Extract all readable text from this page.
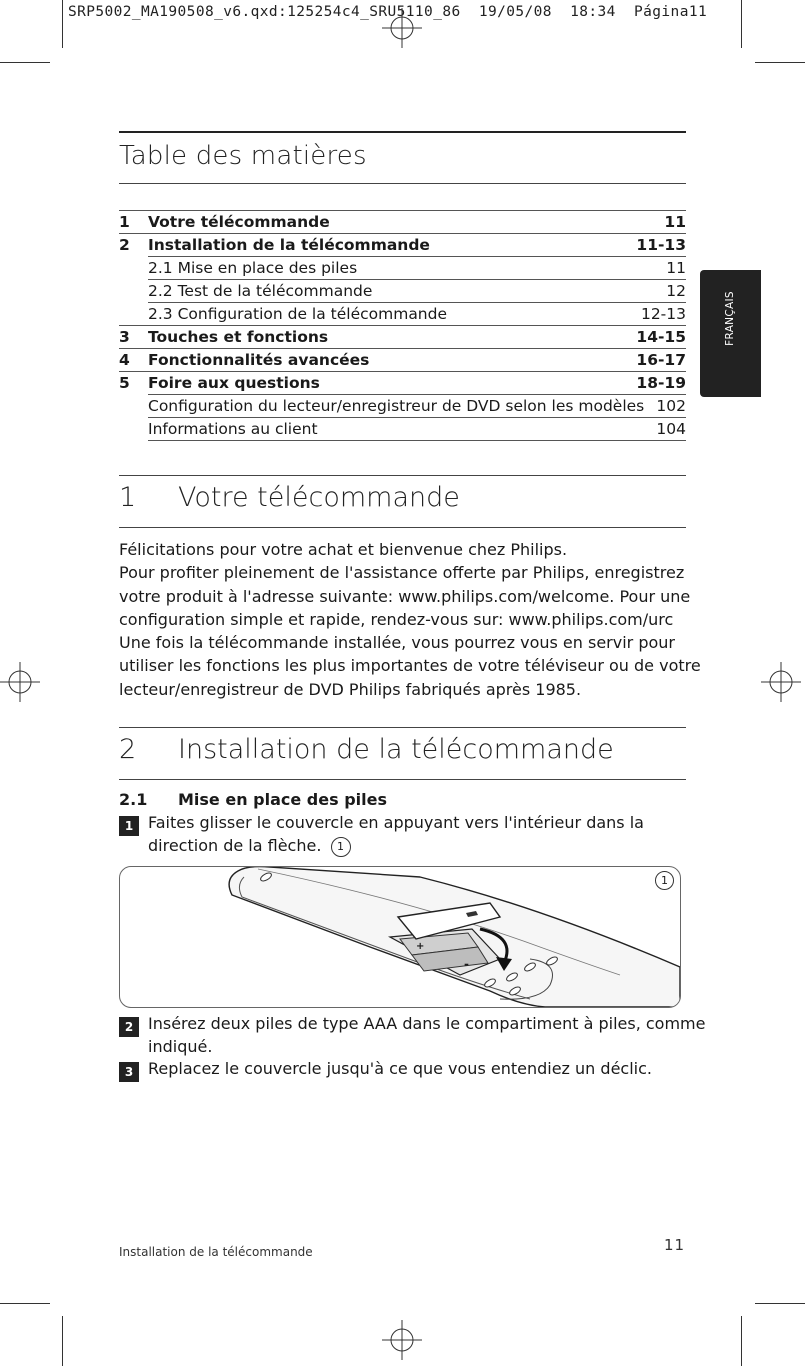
SRP5002_MA190508_v6.qxd:125254c4_SRU5110_86  19/05/08  18:34  Página11
Table des matières
1 Votre télécommande	11
2 Installation de la télécommande	11-13
2.1 Mise en place des piles	11
2.2 Test de la télécommande	12
2.3 Configuration de la télécommande	12-13
3 Touches et fonctions	14-15
4 Fonctionnalités avancées	16-17
5 Foire aux questions	18-19
Configuration du lecteur/enregistreur de DVD selon les modèles 102
Informations au client	104
FRANÇAIS
1 Votre télécommande
Félicitations pour votre achat et bienvenue chez Philips.
Pour profiter pleinement de l'assistance offerte par Philips, enregistrez
votre produit à l'adresse suivante: www.philips.com/welcome. Pour une
configuration simple et rapide, rendez-vous sur: www.philips.com/urc
Une fois la télécommande installée, vous pourrez vous en servir pour
utiliser les fonctions les plus importantes de votre téléviseur ou de votre
lecteur/enregistreur de DVD Philips fabriqués après 1985.
2 Installation de la télécommande
2.1 Mise en place des piles
1 Faites glisser le couvercle en appuyant vers l'intérieur dans la
direction de la flèche. 1
+
-
1
2 Insérez deux piles de type AAA dans le compartiment à piles, comme
indiqué.
3 Replacez le couvercle jusqu'à ce que vous entendiez un déclic.
Installation de la télécommande	11
